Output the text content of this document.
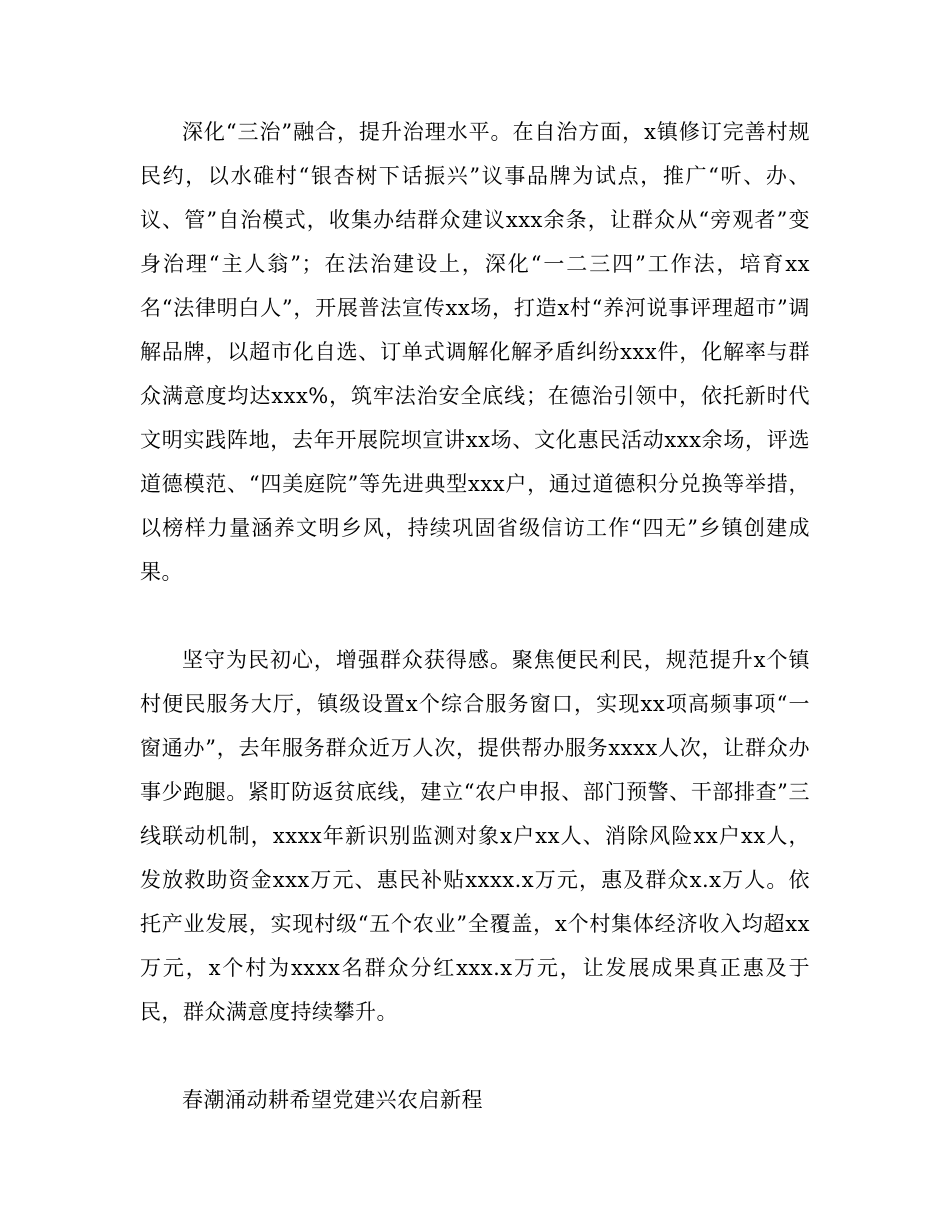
深化“三治”融合，提升治理水平。在自治方面，x镇修订完善村规民约，以水碓村“银杏树下话振兴”议事品牌为试点，推广“听、办、议、管”自治模式，收集办结群众建议xxx余条，让群众从“旁观者”变身治理“主人翁”；在法治建设上，深化“一二三四”工作法，培育xx名“法律明白人”，开展普法宣传xx场，打造x村“养河说事评理超市”调解品牌，以超市化自选、订单式调解化解矛盾纠纷xxx件，化解率与群众满意度均达xxx%，筑牢法治安全底线；在德治引领中，依托新时代文明实践阵地，去年开展院坝宣讲xx场、文化惠民活动xxx余场，评选道德模范、“四美庭院”等先进典型xxx户，通过道德积分兑换等举措，以榜样力量涵养文明乡风，持续巩固省级信访工作“四无”乡镇创建成果。

坚守为民初心，增强群众获得感。聚焦便民利民，规范提升x个镇村便民服务大厅，镇级设置x个综合服务窗口，实现xx项高频事项“一窗通办”，去年服务群众近万人次，提供帮办服务xxxx人次，让群众办事少跑腿。紧盯防返贫底线，建立“农户申报、部门预警、干部排查”三线联动机制，xxxx年新识别监测对象x户xx人、消除风险xx户xx人，发放救助资金xxx万元、惠民补贴xxxx.x万元，惠及群众x.x万人。依托产业发展，实现村级“五个农业”全覆盖，x个村集体经济收入均超xx万元，x个村为xxxx名群众分红xxx.x万元，让发展成果真正惠及于民，群众满意度持续攀升。

春潮涌动耕希望党建兴农启新程
